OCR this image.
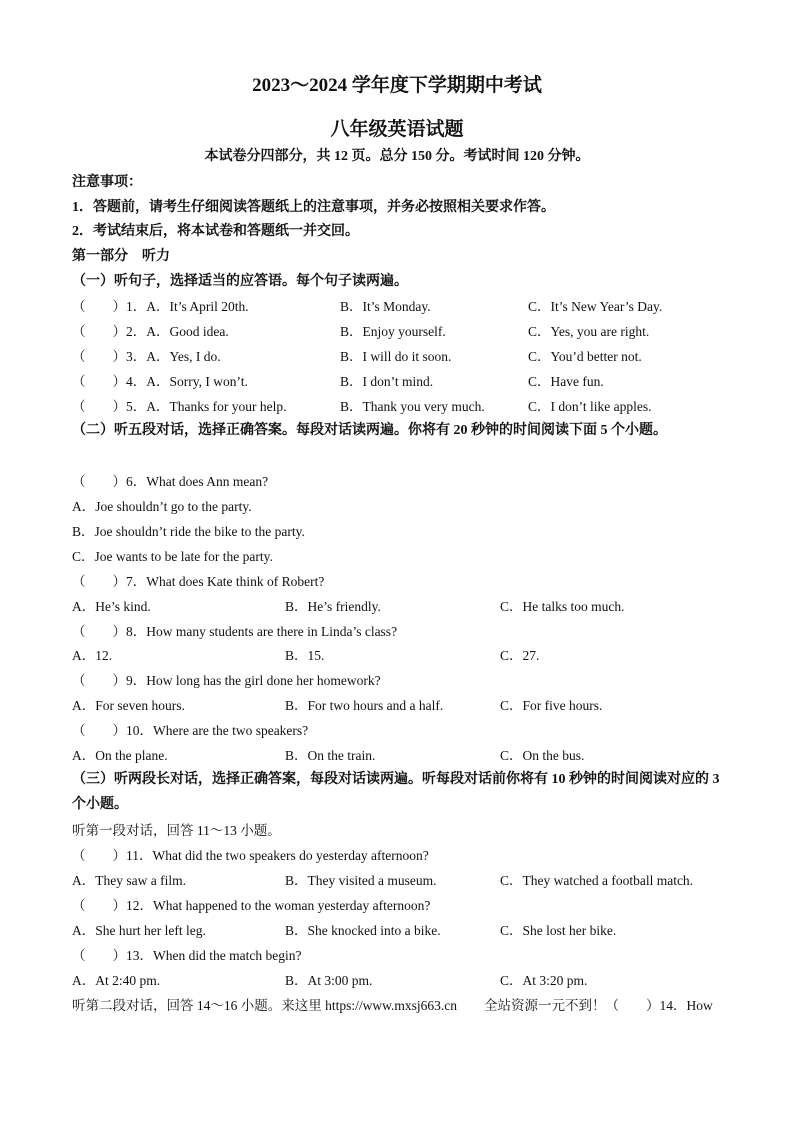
2023～2024 学年度下学期期中考试
八年级英语试题
本试卷分四部分，共 12 页。总分 150 分。考试时间 120 分钟。
注意事项：
1．答题前，请考生仔细阅读答题纸上的注意事项，并务必按照相关要求作答。
2．考试结束后，将本试卷和答题纸一并交回。
第一部分　听力
（一）听句子，选择适当的应答语。每个句子读两遍。
（　　）1．A．It’s April 20th.	B．It’s Monday.	C．It’s New Year’s Day.
（　　）2．A．Good idea.	B．Enjoy yourself.	C．Yes, you are right.
（　　）3．A．Yes, I do.	B．I will do it soon.	C．You’d better not.
（　　）4．A．Sorry, I won’t.	B．I don’t mind.	C．Have fun.
（　　）5．A．Thanks for your help.	B．Thank you very much.	C．I don’t like apples.
（二）听五段对话，选择正确答案。每段对话读两遍。你将有 20 秒钟的时间阅读下面 5 个小题。
（　　）6．What does Ann mean?
A．Joe shouldn’t go to the party.
B．Joe shouldn’t ride the bike to the party.
C．Joe wants to be late for the party.
（　　）7．What does Kate think of Robert?
A．He’s kind.	B．He’s friendly.	C．He talks too much.
（　　）8．How many students are there in Linda’s class?
A．12.	B．15.	C．27.
（　　）9．How long has the girl done her homework?
A．For seven hours.	B．For two hours and a half.	C．For five hours.
（　　）10．Where are the two speakers?
A．On the plane.	B．On the train.	C．On the bus.
（三）听两段长对话，选择正确答案，每段对话读两遍。听每段对话前你将有 10 秒钟的时间阅读对应的 3 个小题。
听第一段对话，回答 11～13 小题。
（　　）11．What did the two speakers do yesterday afternoon?
A．They saw a film.	B．They visited a museum.	C．They watched a football match.
（　　）12．What happened to the woman yesterday afternoon?
A．She hurt her left leg.	B．She knocked into a bike.	C．She lost her bike.
（　　）13．When did the match begin?
A．At 2:40 pm.	B．At 3:00 pm.	C．At 3:20 pm.
听第二段对话，回答 14～16 小题。来这里 https://www.mxsj663.cn　　全站资源一元不到！（　　）14．How
